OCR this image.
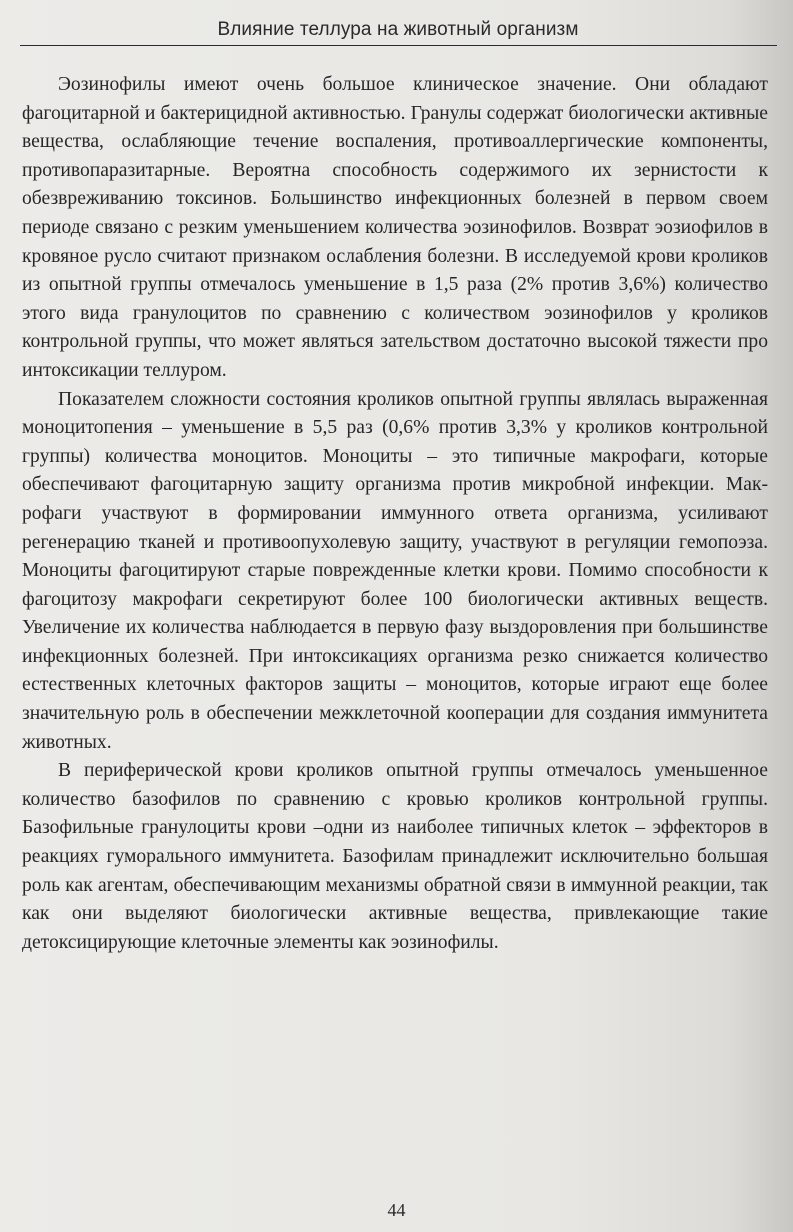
Влияние теллура на животный организм

Эозинофилы имеют очень большое клиническое значение. Они обладают фагоцитарной и бактерицидной активностью. Гранулы содержат биологически активные вещества, ослабляющие течение воспаления, противоаллергические компоненты, противопаразитарные. Вероятна способность содержимого их зернистости к обезвреживанию токсинов. Большинство инфекционных болезней в первом своем периоде связано с резким уменьшением количества эозинофилов. Возврат эозиофилов в кровяное русло считают признаком ослабления болезни. В исследуемой крови кроликов из опытной группы отмечалось уменьшение в 1,5 раза (2% против 3,6%) количество этого вида гранулоцитов по сравнению с количеством эозинофилов у кроликов контрольной группы, что может являться зательством достаточно высокой тяжести про интоксикации теллуром.

Показателем сложности состояния кроликов опытной группы являлась выраженная моноцитопения – уменьшение в 5,5 раз (0,6% против 3,3% у кроликов контрольной группы) количества моноцитов. Моноциты – это типичные макрофаги, которые обеспечивают фагоцитарную защиту организма против микробной инфекции. Макрофаги участвуют в формировании иммунного ответа организма, усиливают регенерацию тканей и противоопухолевую защиту, участвуют в регуляции гемопоэза. Моноциты фагоцитируют старые поврежденные клетки крови. Помимо способности к фагоцитозу макрофаги секретируют более 100 биологически активных веществ. Увеличение их количества наблюдается в первую фазу выздоровления при большинстве инфекционных болезней. При интоксикациях организма резко снижается количество естественных клеточных факторов защиты – моноцитов, которые играют еще более значительную роль в обеспечении межклеточной кооперации для создания иммунитета животных.

В периферической крови кроликов опытной группы отмечалось уменьшенное количество базофилов по сравнению с кровью кроликов контрольной группы. Базофильные гранулоциты крови –одни из наиболее типичных клеток – эффекторов в реакциях гуморального иммунитета. Базофилам принадлежит исключительно большая роль как агентам, обеспечивающим механизмы обратной связи в иммунной реакции, так как они выделяют биологически активные вещества, привлекающие такие детоксицирующие клеточные элементы как эозинофилы.

44
